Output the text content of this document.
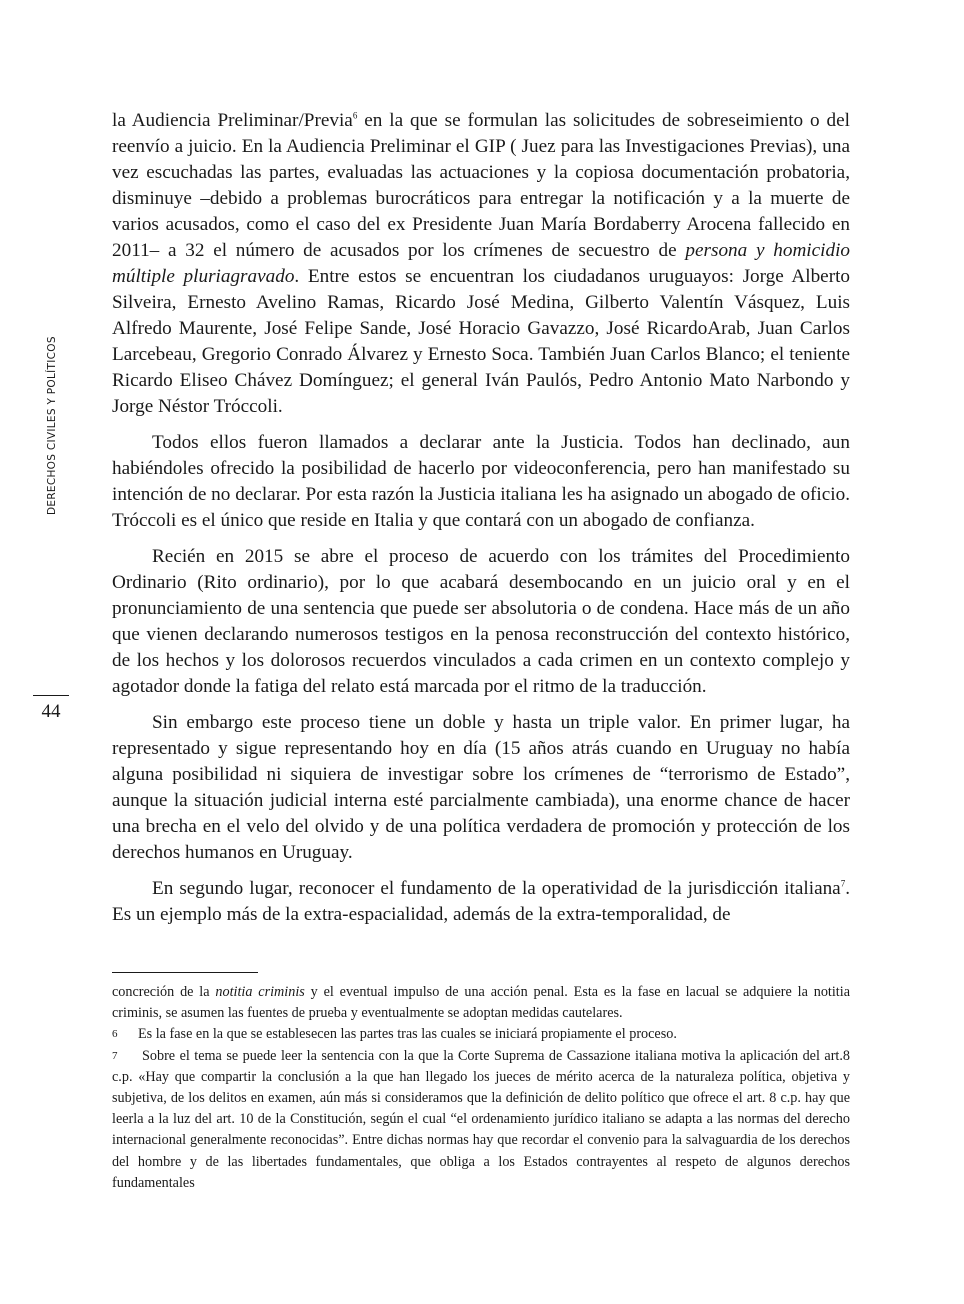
DERECHOS CIVILES Y POLÍTICOS
44

la Audiencia Preliminar/Previa$^6$ en la que se formulan las solicitudes de sobreseimiento o del reenvío a juicio. En la Audiencia Preliminar el GIP ( Juez para las Investigaciones Previas), una vez escuchadas las partes, evaluadas las actuaciones y la copiosa documentación probatoria, disminuye –debido a problemas burocráticos para entregar la notificación y a la muerte de varios acusados, como el caso del ex Presidente Juan María Bordaberry Arocena fallecido en 2011– a 32 el número de acusados por los crímenes de secuestro de persona y homicidio múltiple pluriagravado. Entre estos se encuentran los ciudadanos uruguayos: Jorge Alberto Silveira, Ernesto Avelino Ramas, Ricardo José Medina, Gilberto Valentín Vásquez, Luis Alfredo Maurente, José Felipe Sande, José Horacio Gavazzo, José RicardoArab, Juan Carlos Larcebeau, Gregorio Conrado Álvarez y Ernesto Soca. También Juan Carlos Blanco; el teniente Ricardo Eliseo Chávez Domínguez; el general Iván Paulós, Pedro Antonio Mato Narbondo y Jorge Néstor Tróccoli.

Todos ellos fueron llamados a declarar ante la Justicia. Todos han declinado, aun habiéndoles ofrecido la posibilidad de hacerlo por videoconferencia, pero han manifestado su intención de no declarar. Por esta razón la Justicia italiana les ha asignado un abogado de oficio. Tróccoli es el único que reside en Italia y que contará con un abogado de confianza.

Recién en 2015 se abre el proceso de acuerdo con los trámites del Procedimiento Ordinario (Rito ordinario), por lo que acabará desembocando en un juicio oral y en el pronunciamiento de una sentencia que puede ser absolutoria o de condena. Hace más de un año que vienen declarando numerosos testigos en la penosa reconstrucción del contexto histórico, de los hechos y los dolorosos recuerdos vinculados a cada crimen en un contexto complejo y agotador donde la fatiga del relato está marcada por el ritmo de la traducción.

Sin embargo este proceso tiene un doble y hasta un triple valor. En primer lugar, ha representado y sigue representando hoy en día (15 años atrás cuando en Uruguay no había alguna posibilidad ni siquiera de investigar sobre los crímenes de “terrorismo de Estado”, aunque la situación judicial interna esté parcialmente cambiada), una enorme chance de hacer una brecha en el velo del olvido y de una política verdadera de promoción y protección de los derechos humanos en Uruguay.

En segundo lugar, reconocer el fundamento de la operatividad de la jurisdicción italiana$^7$. Es un ejemplo más de la extra-espacialidad, además de la extra-temporalidad, de

concreción de la notitia criminis y el eventual impulso de una acción penal. Esta es la fase en lacual se adquiere la notitia criminis, se asumen las fuentes de prueba y eventualmente se adoptan medidas cautelares.

6 Es la fase en la que se establesecen las partes tras las cuales se iniciará propiamente el proceso.

7 Sobre el tema se puede leer la sentencia con la que la Corte Suprema de Cassazione italiana motiva la aplicación del art.8 c.p. «Hay que compartir la conclusión a la que han llegado los jueces de mérito acerca de la naturaleza política, objetiva y subjetiva, de los delitos en examen, aún más si consideramos que la definición de delito político que ofrece el art. 8 c.p. hay que leerla a la luz del art. 10 de la Constitución, según el cual “el ordenamiento jurídico italiano se adapta a las normas del derecho internacional generalmente reconocidas”. Entre dichas normas hay que recordar el convenio para la salvaguardia de los derechos del hombre y de las libertades fundamentales, que obliga a los Estados contrayentes al respeto de algunos derechos fundamentales
